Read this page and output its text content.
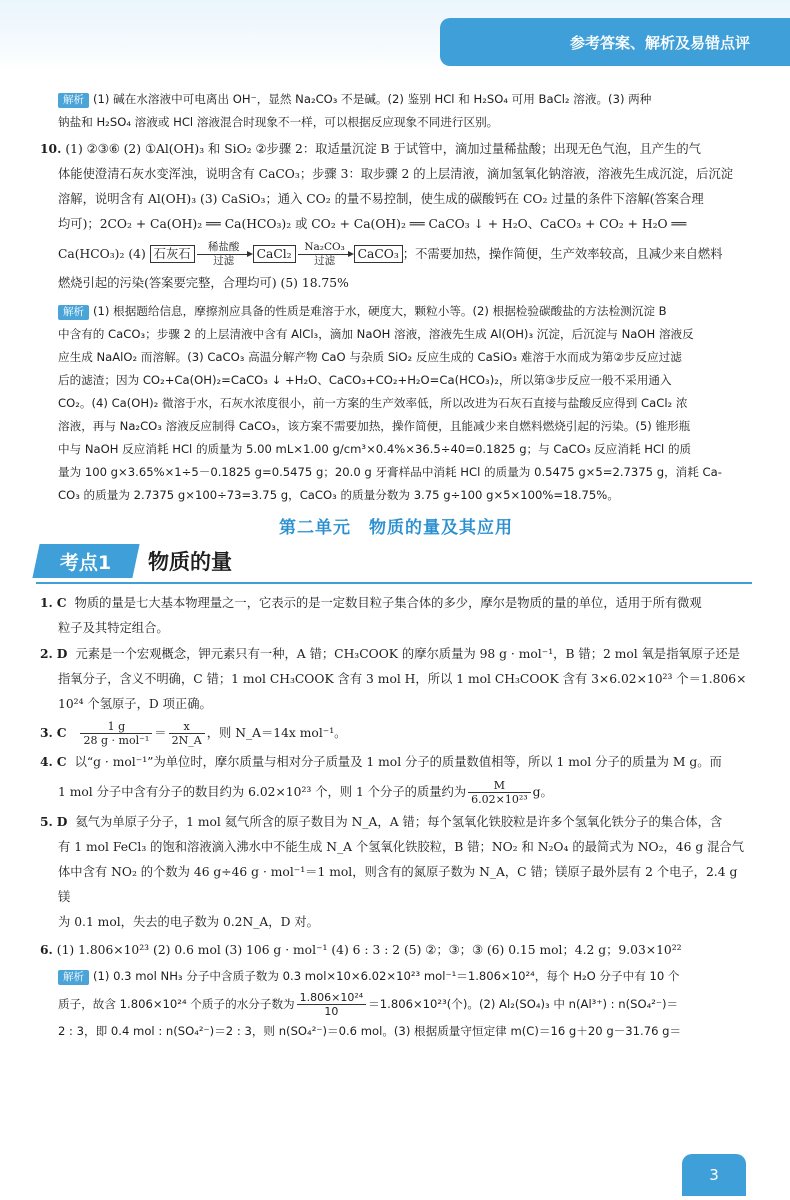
参考答案、解析及易错点评

解析 (1) 碱在水溶液中可电离出 OH⁻，显然 Na₂CO₃ 不是碱。(2) 鉴别 HCl 和 H₂SO₄ 可用 BaCl₂ 溶液。(3) 两种

钠盐和 H₂SO₄ 溶液或 HCl 溶液混合时现象不一样，可以根据反应现象不同进行区别。

10. (1) ②③⑥ (2) ①Al(OH)₃ 和 SiO₂ ②步骤 2：取适量沉淀 B 于试管中，滴加过量稀盐酸；出现无色气泡，且产生的气

体能使澄清石灰水变浑浊，说明含有 CaCO₃；步骤 3：取步骤 2 的上层清液，滴加氢氧化钠溶液，溶液先生成沉淀，后沉淀

溶解，说明含有 Al(OH)₃ (3) CaSiO₃；通入 CO₂ 的量不易控制，使生成的碳酸钙在 CO₂ 过量的条件下溶解(答案合理

均可)；2CO₂ + Ca(OH)₂ ══ Ca(HCO₃)₂ 或 CO₂ + Ca(OH)₂ ══ CaCO₃ ↓ + H₂O、CaCO₃ + CO₂ + H₂O ══

Ca(HCO₃)₂ (4) 石灰石 稀盐酸
过滤 CaCl₂ Na₂CO₃
过滤 CaCO₃ ；不需要加热，操作简便，生产效率较高，且减少来自燃料

燃烧引起的污染(答案要完整，合理均可) (5) 18.75%

解析 (1) 根据题给信息，摩擦剂应具备的性质是难溶于水，硬度大，颗粒小等。(2) 根据检验碳酸盐的方法检测沉淀 B

中含有的 CaCO₃；步骤 2 的上层清液中含有 AlCl₃，滴加 NaOH 溶液，溶液先生成 Al(OH)₃ 沉淀，后沉淀与 NaOH 溶液反

应生成 NaAlO₂ 而溶解。(3) CaCO₃ 高温分解产物 CaO 与杂质 SiO₂ 反应生成的 CaSiO₃ 难溶于水而成为第②步反应过滤

后的滤渣；因为 CO₂+Ca(OH)₂=CaCO₃ ↓ +H₂O、CaCO₃+CO₂+H₂O=Ca(HCO₃)₂，所以第③步反应一般不采用通入

CO₂。(4) Ca(OH)₂ 微溶于水，石灰水浓度很小，前一方案的生产效率低，所以改进为石灰石直接与盐酸反应得到 CaCl₂ 浓

溶液，再与 Na₂CO₃ 溶液反应制得 CaCO₃，该方案不需要加热，操作简便，且能减少来自燃料燃烧引起的污染。(5) 锥形瓶

中与 NaOH 反应消耗 HCl 的质量为 5.00 mL×1.00 g/cm³×0.4%×36.5÷40=0.1825 g；与 CaCO₃ 反应消耗 HCl 的质

量为 100 g×3.65%×1÷5－0.1825 g=0.5475 g；20.0 g 牙膏样品中消耗 HCl 的质量为 0.5475 g×5=2.7375 g，消耗 Ca-

CO₃ 的质量为 2.7375 g×100÷73=3.75 g，CaCO₃ 的质量分数为 3.75 g÷100 g×5×100%=18.75%。

第二单元　物质的量及其应用
考点1 物质的量

1. C 物质的量是七大基本物理量之一，它表示的是一定数目粒子集合体的多少，摩尔是物质的量的单位，适用于所有微观

粒子及其特定组合。

2. D 元素是一个宏观概念，钾元素只有一种，A 错；CH₃COOK 的摩尔质量为 98 g · mol⁻¹，B 错；2 mol 氧是指氧原子还是

指氧分子，含义不明确，C 错；1 mol CH₃COOK 含有 3 mol H，所以 1 mol CH₃COOK 含有 3×6.02×10²³ 个＝1.806×

10²⁴ 个氢原子，D 项正确。

3. C $\frac{1 g}{\text{28 g · mol⁻¹}} = \frac{x}{2N\_A}$ ，则 N_A＝14x mol⁻¹。

4. C 以“g · mol⁻¹”为单位时，摩尔质量与相对分子质量及 1 mol 分子的质量数值相等，所以 1 mol 分子的质量为 M g。而

1 mol 分子中含有分子的数目约为 6.02×10²³ 个，则 1 个分子的质量约为 $\frac{M}{\text{6.02×10²³}}$ g。

5. D 氦气为单原子分子，1 mol 氦气所含的原子数目为 N_A，A 错；每个氢氧化铁胶粒是许多个氢氧化铁分子的集合体，含

有 1 mol FeCl₃ 的饱和溶液滴入沸水中不能生成 N_A 个氢氧化铁胶粒，B 错；NO₂ 和 N₂O₄ 的最简式为 NO₂，46 g 混合气

体中含有 NO₂ 的个数为 46 g÷46 g · mol⁻¹＝1 mol，则含有的氮原子数为 N_A，C 错；镁原子最外层有 2 个电子，2.4 g 镁

为 0.1 mol，失去的电子数为 0.2N_A，D 对。

6. (1) 1.806×10²³ (2) 0.6 mol (3) 106 g · mol⁻¹ (4) 6 : 3 : 2 (5) ②；③；③ (6) 0.15 mol；4.2 g；9.03×10²²

解析 (1) 0.3 mol NH₃ 分子中含质子数为 0.3 mol×10×6.02×10²³ mol⁻¹＝1.806×10²⁴，每个 H₂O 分子中有 10 个

质子，故含 1.806×10²⁴ 个质子的水分子数为 $\frac{\text{1.806×10²⁴}}{10} =1.806\times 10^{23}$(个)。(2) Al₂(SO₄)₃ 中 n(Al³⁺) : n(SO₄²⁻)＝

2 : 3，即 0.4 mol : n(SO₄²⁻)＝2 : 3，则 n(SO₄²⁻)＝0.6 mol。(3) 根据质量守恒定律 m(C)＝16 g＋20 g－31.76 g＝

3
